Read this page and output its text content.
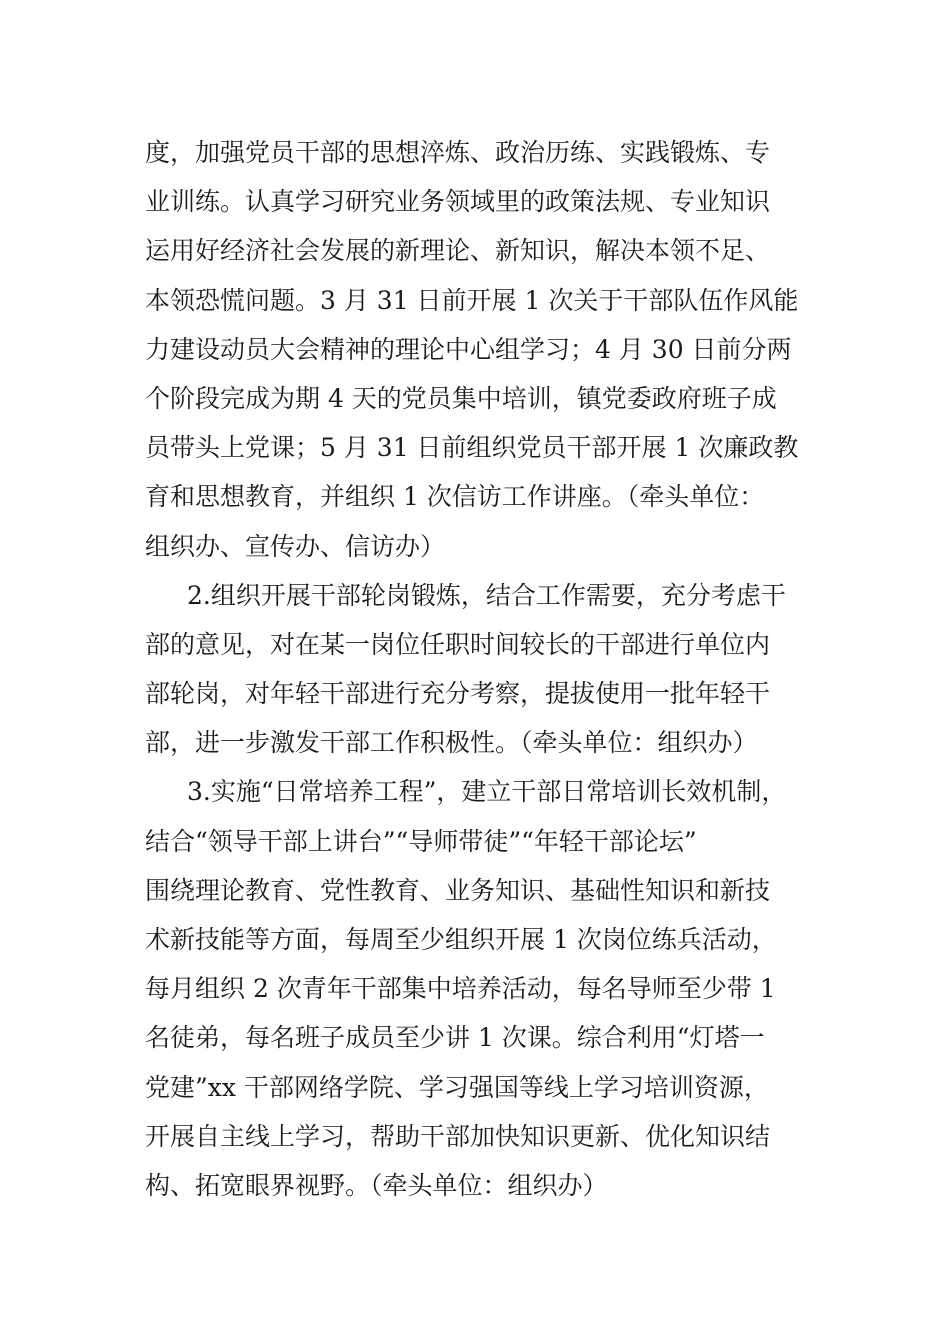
度，加强党员干部的思想淬炼、政治历练、实践锻炼、专
业训练。认真学习研究业务领域里的政策法规、专业知识
运用好经济社会发展的新理论、新知识，解决本领不足、
本领恐慌问题。3 月 31 日前开展 1 次关于干部队伍作风能
力建设动员大会精神的理论中心组学习；4 月 30 日前分两
个阶段完成为期 4 天的党员集中培训，镇党委政府班子成
员带头上党课；5 月 31 日前组织党员干部开展 1 次廉政教
育和思想教育，并组织 1 次信访工作讲座。（牵头单位：
组织办、宣传办、信访办）
2.组织开展干部轮岗锻炼，结合工作需要，充分考虑干
部的意见，对在某一岗位任职时间较长的干部进行单位内
部轮岗，对年轻干部进行充分考察，提拔使用一批年轻干
部，进一步激发干部工作积极性。（牵头单位：组织办）
3.实施“日常培养工程”，建立干部日常培训长效机制，
结合“领导干部上讲台”“导师带徒”“年轻干部论坛”
围绕理论教育、党性教育、业务知识、基础性知识和新技
术新技能等方面，每周至少组织开展 1 次岗位练兵活动，
每月组织 2 次青年干部集中培养活动，每名导师至少带 1
名徒弟，每名班子成员至少讲 1 次课。综合利用“灯塔一
党建”xx 干部网络学院、学习强国等线上学习培训资源，
开展自主线上学习，帮助干部加快知识更新、优化知识结
构、拓宽眼界视野。（牵头单位：组织办）
